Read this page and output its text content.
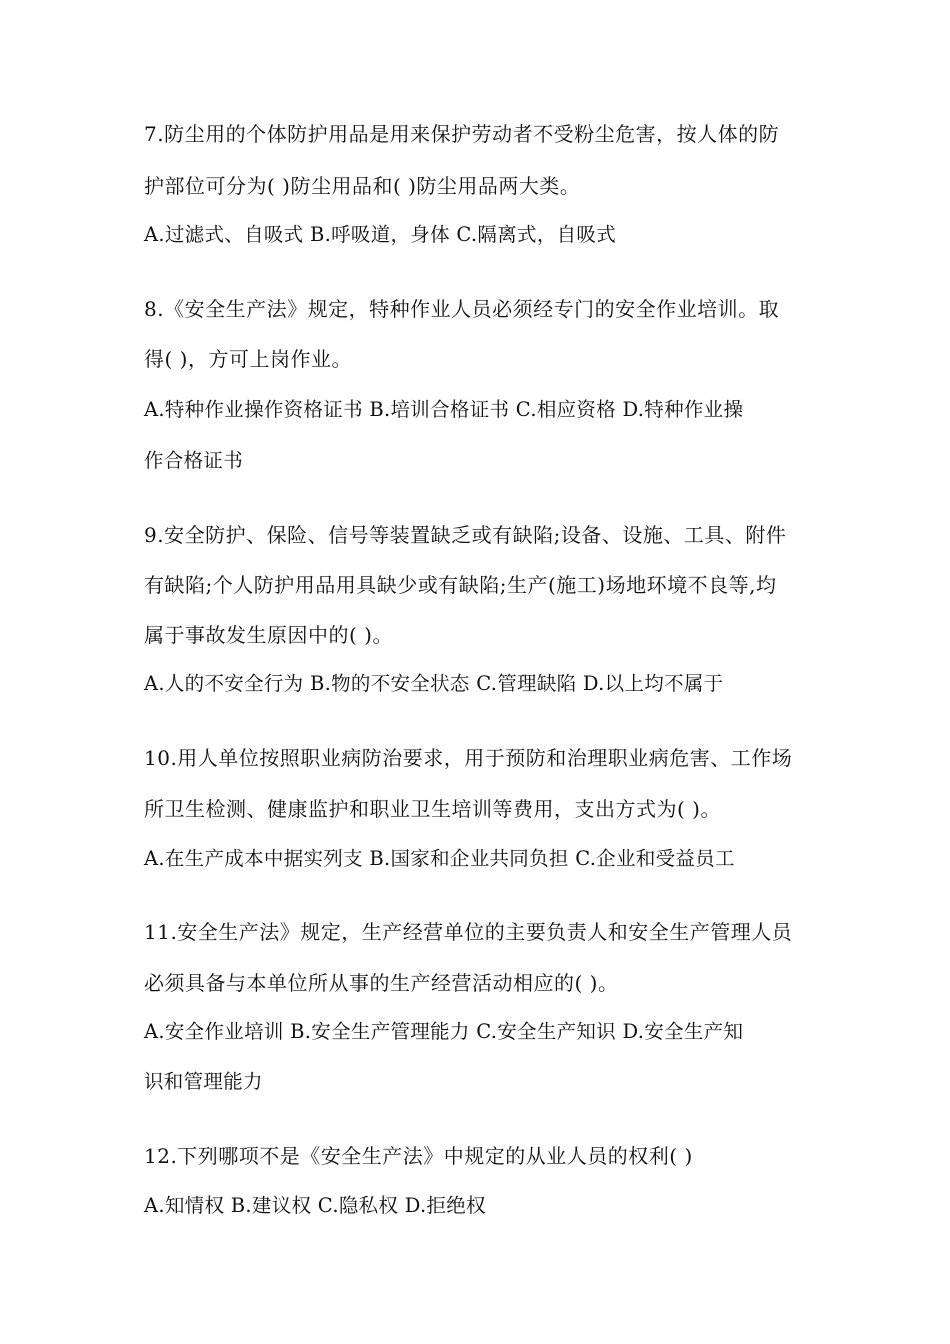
7.防尘用的个体防护用品是用来保护劳动者不受粉尘危害，按人体的防
护部位可分为( )防尘用品和( )防尘用品两大类。
A.过滤式、自吸式 B.呼吸道，身体 C.隔离式，自吸式
8.《安全生产法》规定，特种作业人员必须经专门的安全作业培训。取
得( )，方可上岗作业。
A.特种作业操作资格证书 B.培训合格证书 C.相应资格 D.特种作业操
作合格证书
9.安全防护、保险、信号等装置缺乏或有缺陷;设备、设施、工具、附件
有缺陷;个人防护用品用具缺少或有缺陷;生产(施工)场地环境不良等,均
属于事故发生原因中的( )。
A.人的不安全行为 B.物的不安全状态 C.管理缺陷 D.以上均不属于
10.用人单位按照职业病防治要求，用于预防和治理职业病危害、工作场
所卫生检测、健康监护和职业卫生培训等费用，支出方式为( )。
A.在生产成本中据实列支 B.国家和企业共同负担 C.企业和受益员工
11.安全生产法》规定，生产经营单位的主要负责人和安全生产管理人员
必须具备与本单位所从事的生产经营活动相应的( )。
A.安全作业培训 B.安全生产管理能力 C.安全生产知识 D.安全生产知
识和管理能力
12.下列哪项不是《安全生产法》中规定的从业人员的权利( )
A.知情权 B.建议权 C.隐私权 D.拒绝权
